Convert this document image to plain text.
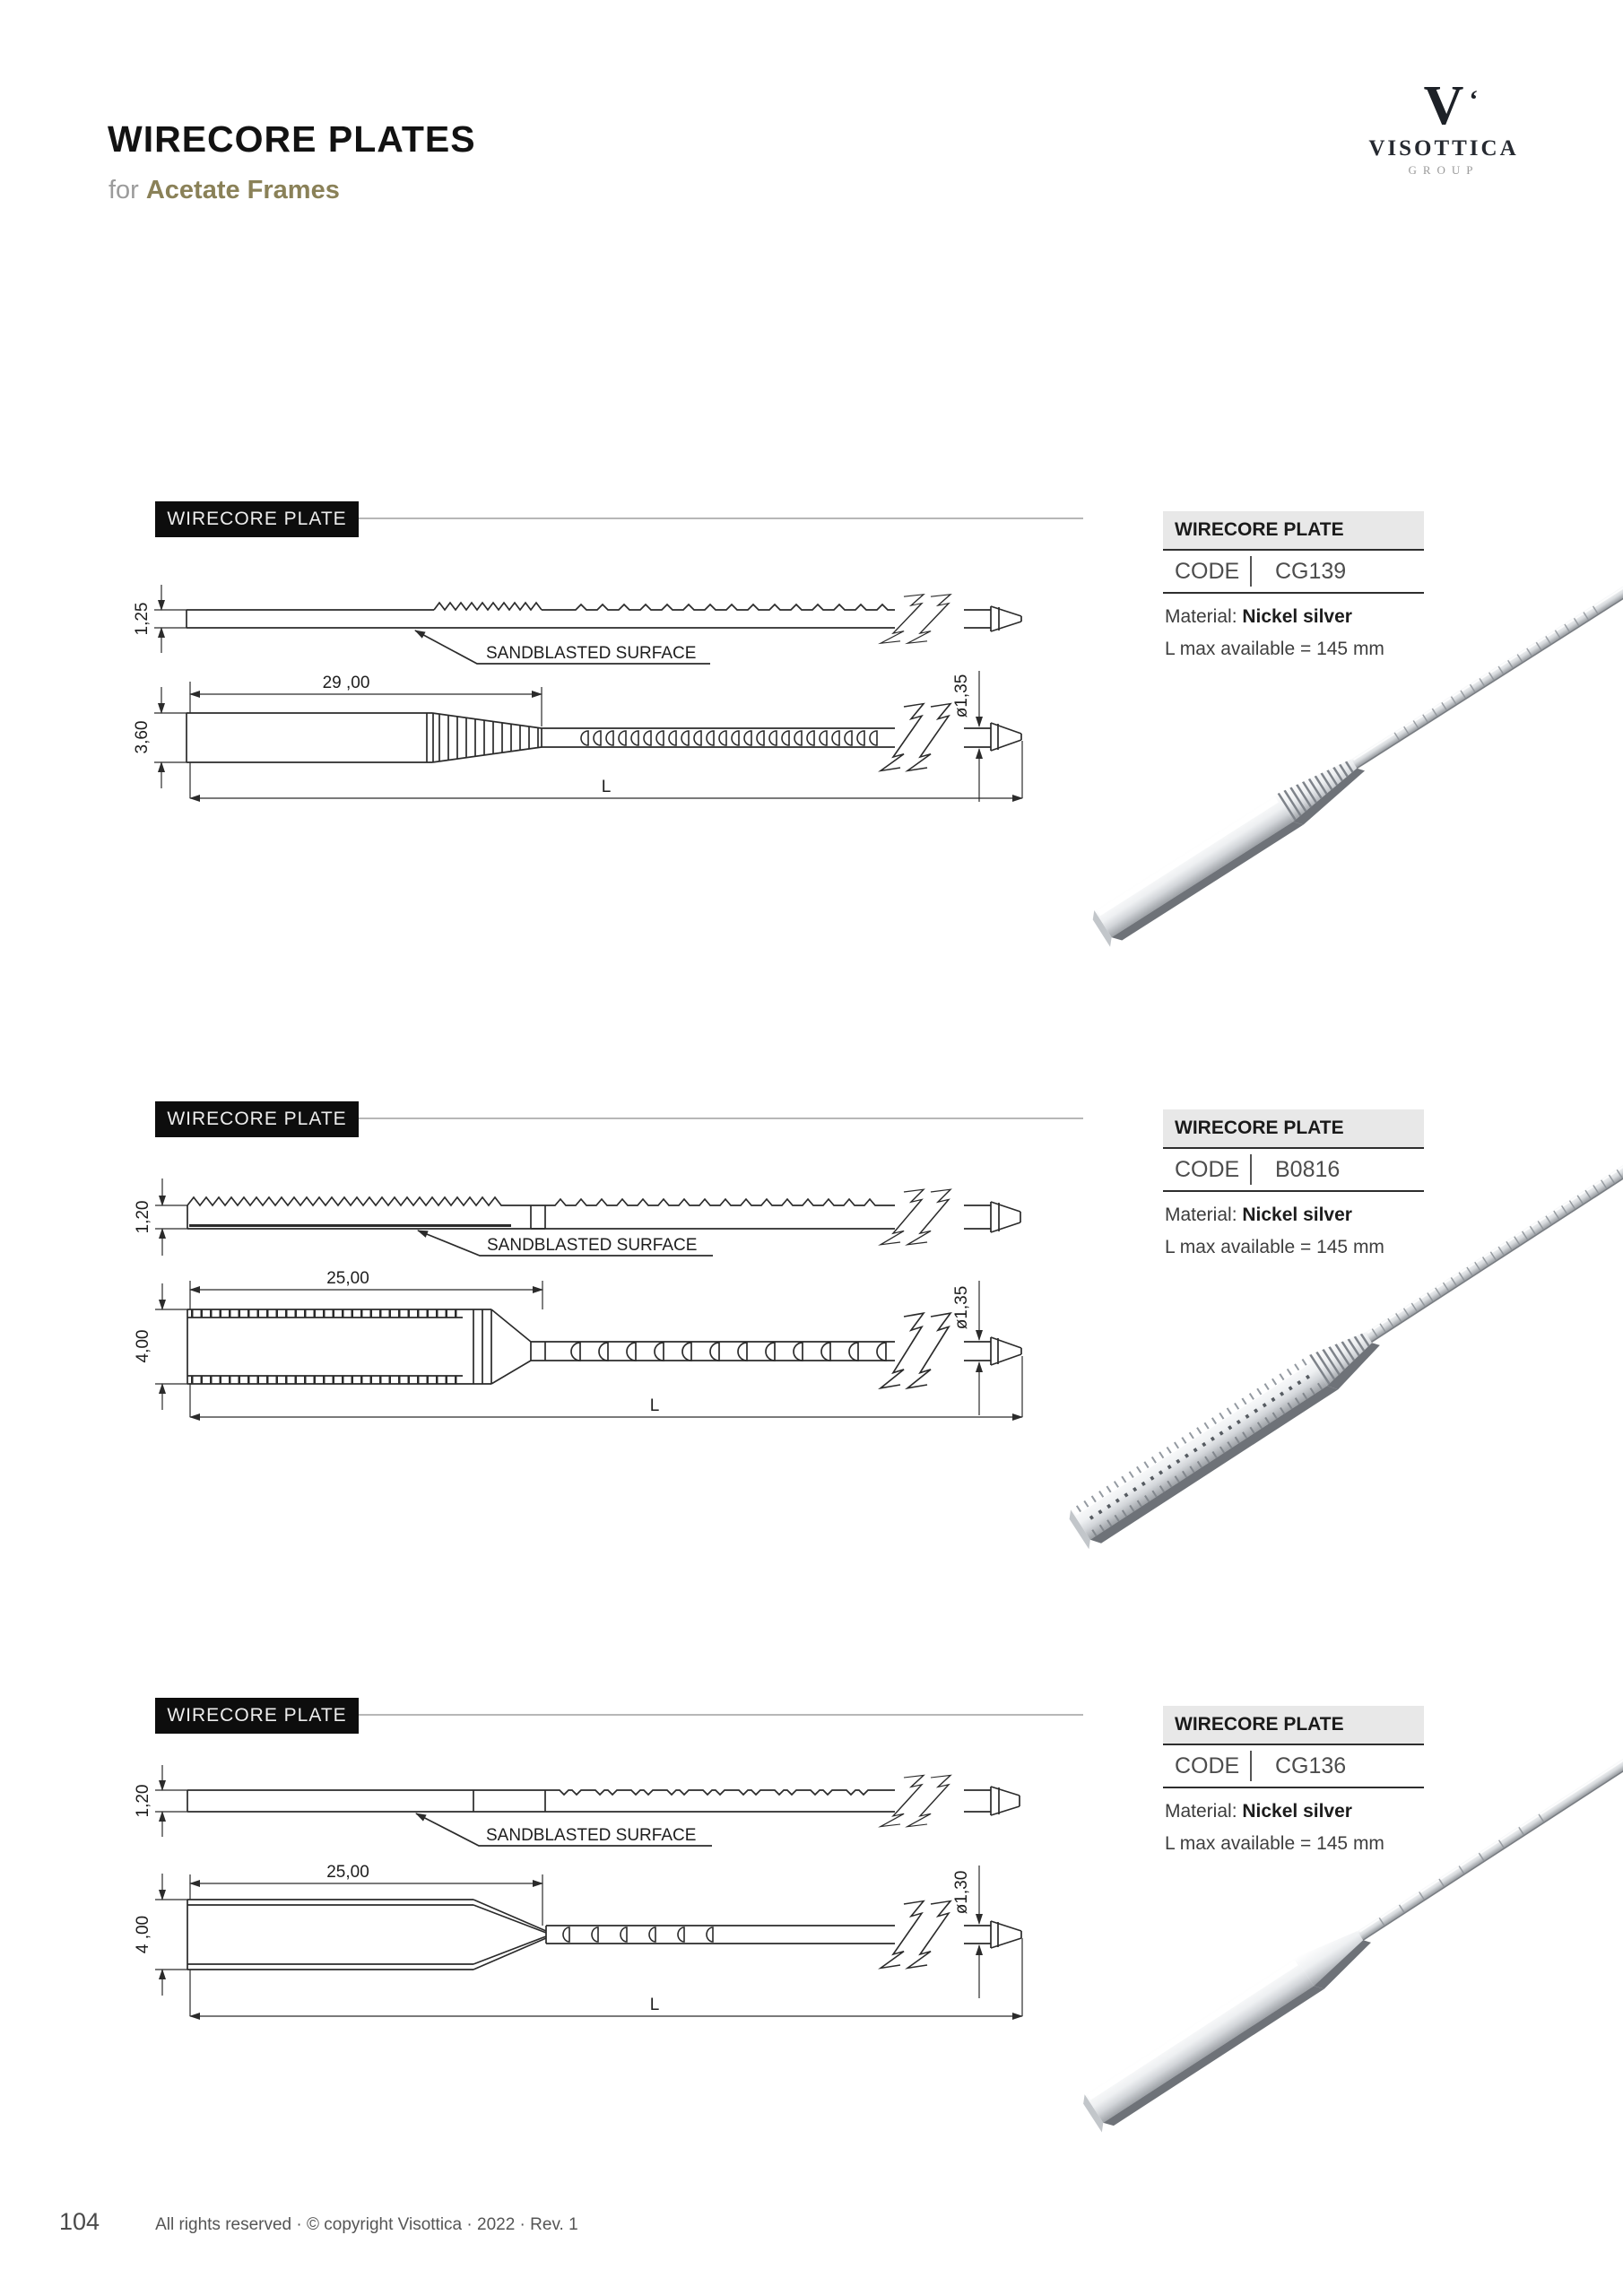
WIRECORE PLATES
for Acetate Frames
V ʻ
VISOTTICA
GROUP
WIRECORE PLATE
1,25
SANDBLASTED SURFACE
29 ,00	ø1,35
3,60
L
WIRECORE PLATE
CODE	CG139
Material: Nickel silver
L max available = 145 mm
WIRECORE PLATE
1,20
SANDBLASTED SURFACE
25,00
ø1,35
4,00
L
WIRECORE PLATE
CODE	B0816
Material: Nickel silver
L max available = 145 mm
WIRECORE PLATE
1,20
SANDBLASTED SURFACE
25,00	ø1,30
4 ,00
L
WIRECORE PLATE
CODE	CG136
Material: Nickel silver
L max available = 145 mm
104	All rights reserved · © copyright Visottica · 2022 · Rev. 1
